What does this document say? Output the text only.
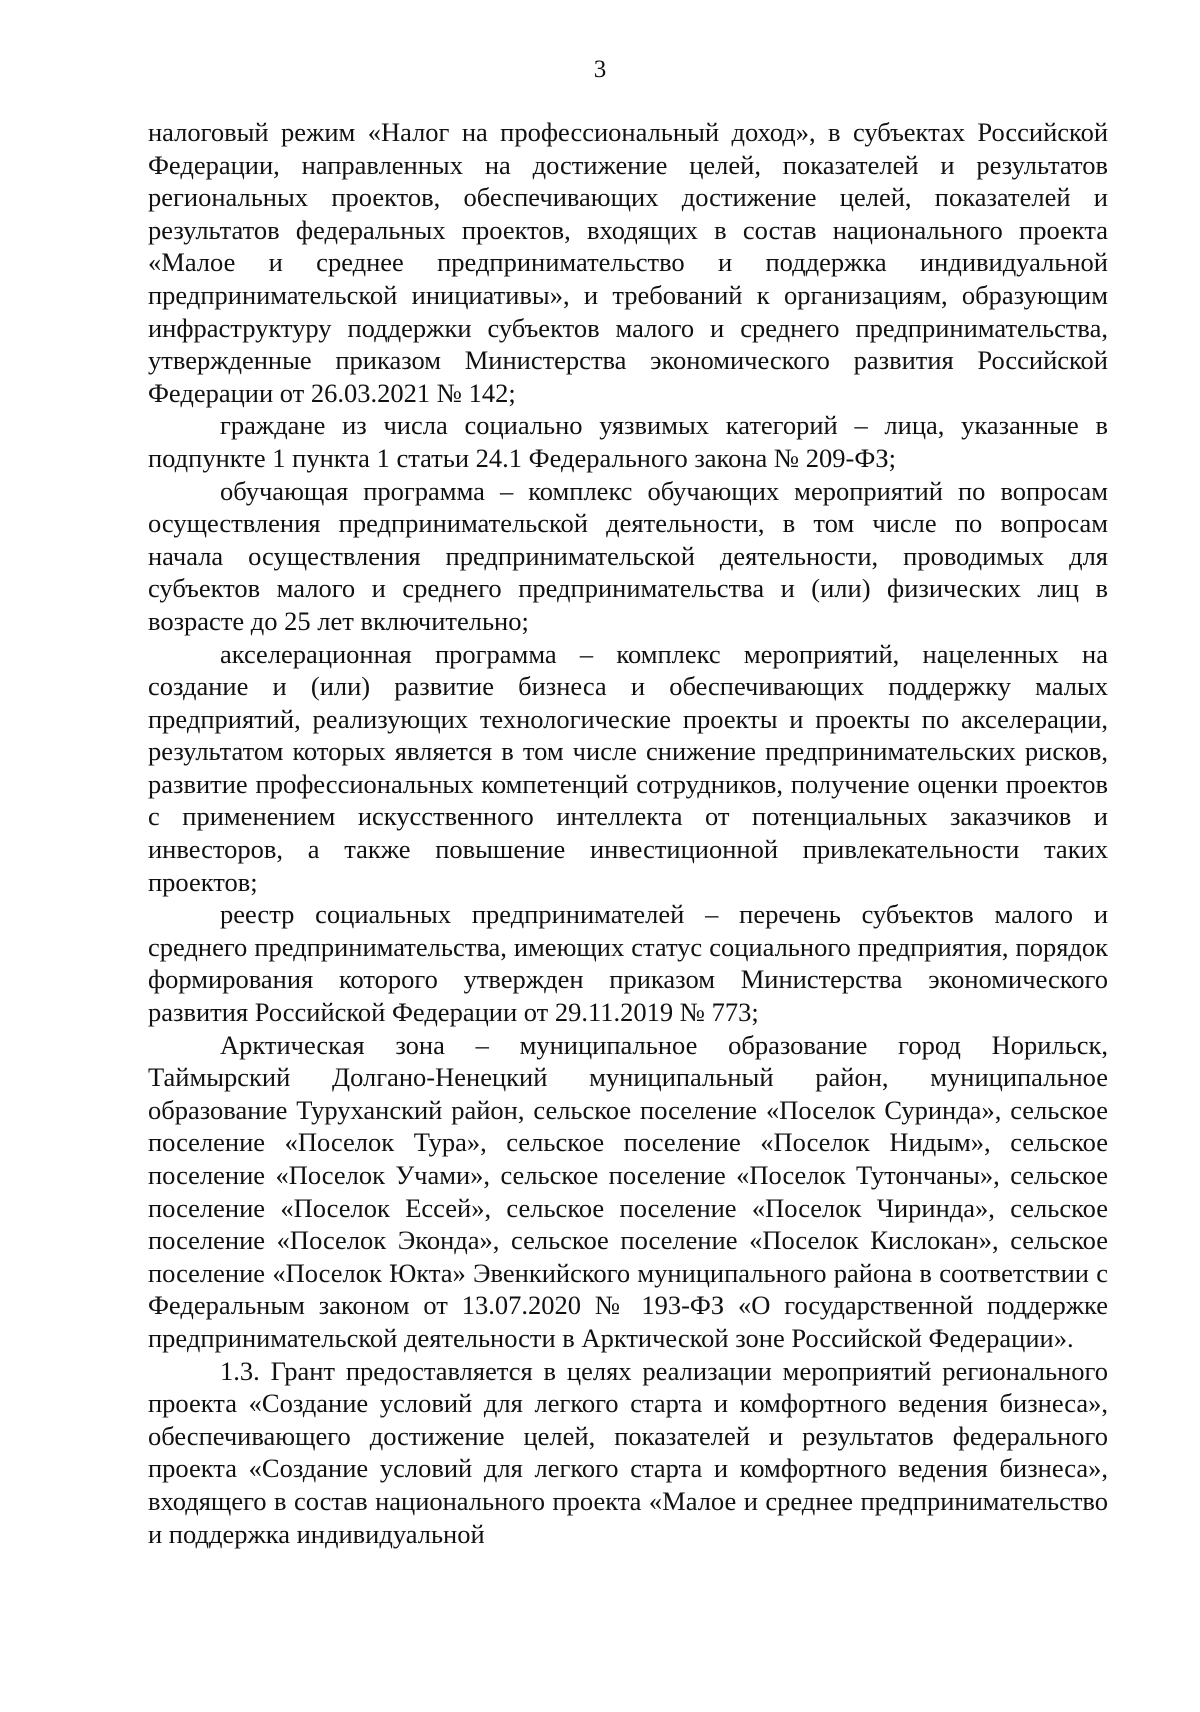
3

налоговый режим «Налог на профессиональный доход», в субъектах Российской Федерации, направленных на достижение целей, показателей и результатов региональных проектов, обеспечивающих достижение целей, показателей и результатов федеральных проектов, входящих в состав национального проекта «Малое и среднее предпринимательство и поддержка индивидуальной предпринимательской инициативы», и требований к организациям, образующим инфраструктуру поддержки субъектов малого и среднего предпринимательства, утвержденные приказом Министерства экономического развития Российской Федерации от 26.03.2021 № 142;

граждане из числа социально уязвимых категорий – лица, указанные в подпункте 1 пункта 1 статьи 24.1 Федерального закона № 209-ФЗ;

обучающая программа – комплекс обучающих мероприятий по вопросам осуществления предпринимательской деятельности, в том числе по вопросам начала осуществления предпринимательской деятельности, проводимых для субъектов малого и среднего предпринимательства и (или) физических лиц в возрасте до 25 лет включительно;

акселерационная программа – комплекс мероприятий, нацеленных на создание и (или) развитие бизнеса и обеспечивающих поддержку малых предприятий, реализующих технологические проекты и проекты по акселерации, результатом которых является в том числе снижение предпринимательских рисков, развитие профессиональных компетенций сотрудников, получение оценки проектов с применением искусственного интеллекта от потенциальных заказчиков и инвесторов, а также повышение инвестиционной привлекательности таких проектов;

реестр социальных предпринимателей – перечень субъектов малого и среднего предпринимательства, имеющих статус социального предприятия, порядок формирования которого утвержден приказом Министерства экономического развития Российской Федерации от 29.11.2019 № 773;

Арктическая зона – муниципальное образование город Норильск, Таймырский Долгано-Ненецкий муниципальный район, муниципальное образование Туруханский район, сельское поселение «Поселок Суринда», сельское поселение «Поселок Тура», сельское поселение «Поселок Нидым», сельское поселение «Поселок Учами», сельское поселение «Поселок Тутончаны», сельское поселение «Поселок Ессей», сельское поселение «Поселок Чиринда», сельское поселение «Поселок Эконда», сельское поселение «Поселок Кислокан», сельское поселение «Поселок Юкта» Эвенкийского муниципального района в соответствии с Федеральным законом от 13.07.2020 № 193-ФЗ «О государственной поддержке предпринимательской деятельности в Арктической зоне Российской Федерации».

1.3. Грант предоставляется в целях реализации мероприятий регионального проекта «Создание условий для легкого старта и комфортного ведения бизнеса», обеспечивающего достижение целей, показателей и результатов федерального проекта «Создание условий для легкого старта и комфортного ведения бизнеса», входящего в состав национального проекта «Малое и среднее предпринимательство и поддержка индивидуальной
